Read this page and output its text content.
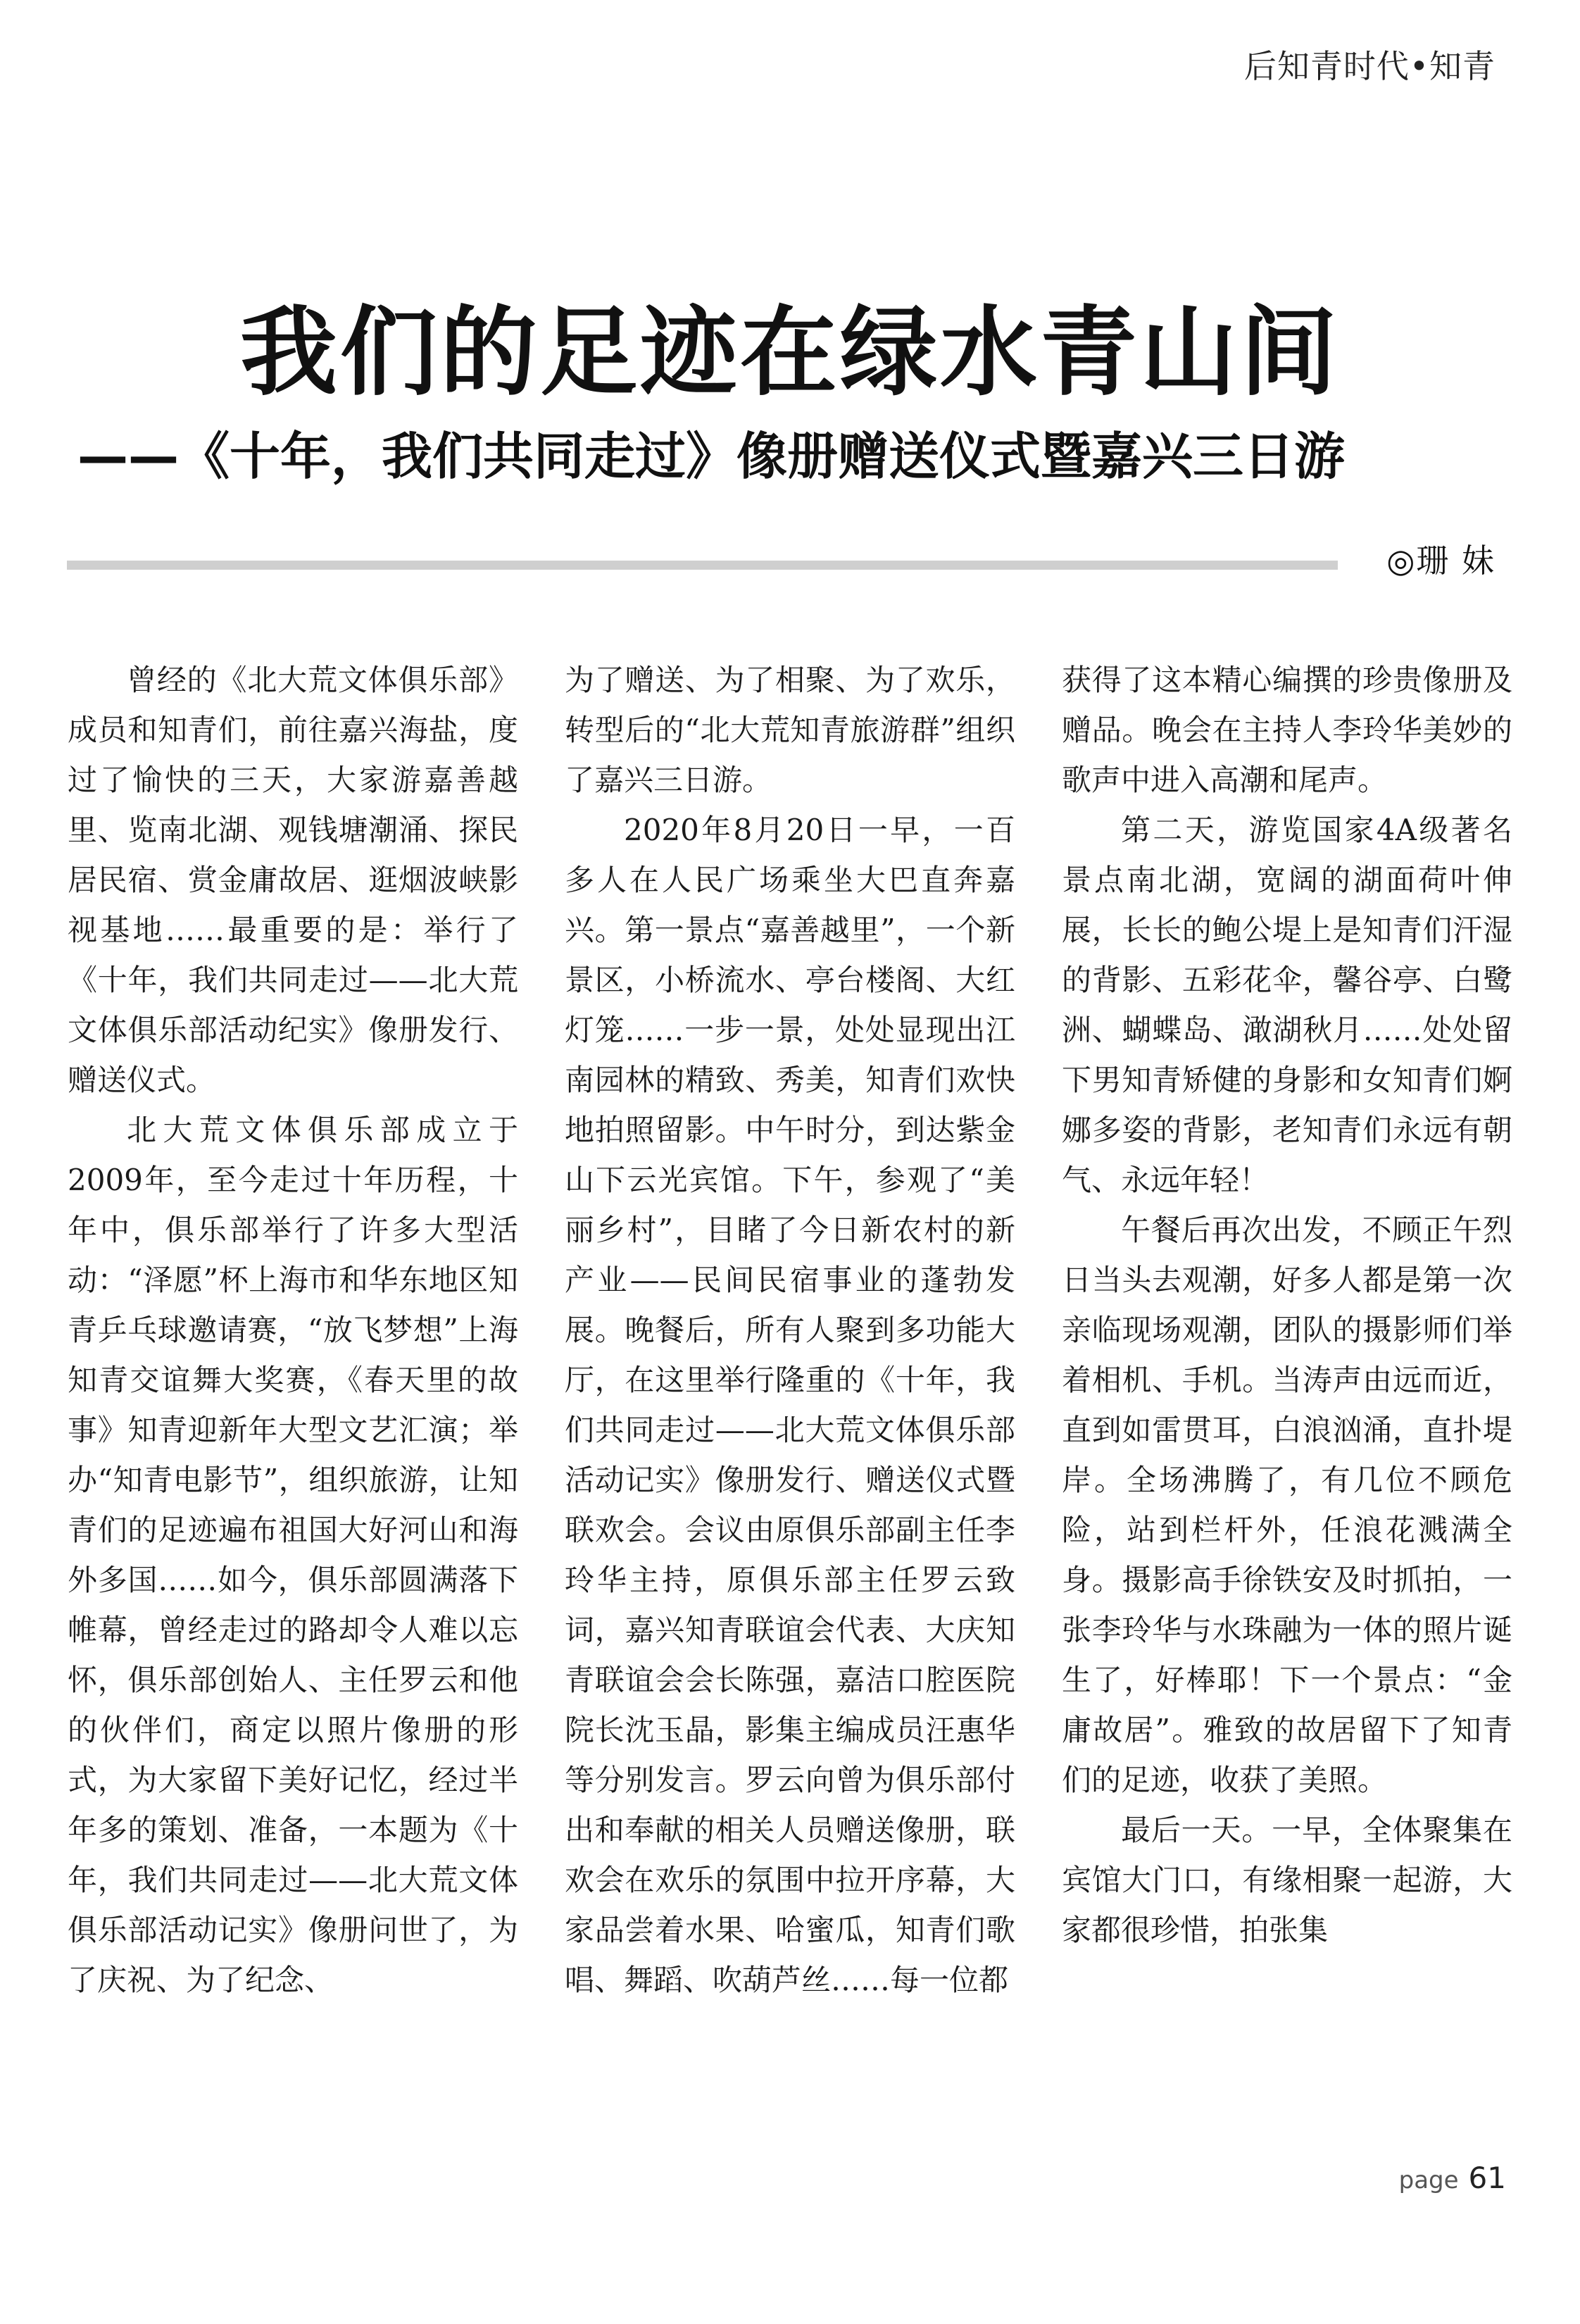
后知青时代•知青
我们的足迹在绿水青山间
——《十年，我们共同走过》像册赠送仪式暨嘉兴三日游
◎珊 妹

曾经的《北大荒文体俱乐部》成员和知青们，前往嘉兴海盐，度过了愉快的三天，大家游嘉善越里、览南北湖、观钱塘潮涌、探民居民宿、赏金庸故居、逛烟波峡影视基地……最重要的是：举行了《十年，我们共同走过——北大荒文体俱乐部活动纪实》像册发行、赠送仪式。

北大荒文体俱乐部成立于2009年，至今走过十年历程，十年中，俱乐部举行了许多大型活动：“泽愿”杯上海市和华东地区知青乒乓球邀请赛，“放飞梦想”上海知青交谊舞大奖赛，《春天里的故事》知青迎新年大型文艺汇演；举办“知青电影节”，组织旅游，让知青们的足迹遍布祖国大好河山和海外多国……如今，俱乐部圆满落下帷幕，曾经走过的路却令人难以忘怀，俱乐部创始人、主任罗云和他的伙伴们，商定以照片像册的形式，为大家留下美好记忆，经过半年多的策划、准备，一本题为《十年，我们共同走过——北大荒文体俱乐部活动记实》像册问世了，为了庆祝、为了纪念、

为了赠送、为了相聚、为了欢乐，转型后的“北大荒知青旅游群”组织了嘉兴三日游。

2020年8月20日一早，一百多人在人民广场乘坐大巴直奔嘉兴。第一景点“嘉善越里”，一个新景区，小桥流水、亭台楼阁、大红灯笼……一步一景，处处显现出江南园林的精致、秀美，知青们欢快地拍照留影。中午时分，到达紫金山下云光宾馆。下午，参观了“美丽乡村”，目睹了今日新农村的新产业——民间民宿事业的蓬勃发展。晚餐后，所有人聚到多功能大厅，在这里举行隆重的《十年，我们共同走过——北大荒文体俱乐部活动记实》像册发行、赠送仪式暨联欢会。会议由原俱乐部副主任李玲华主持，原俱乐部主任罗云致词，嘉兴知青联谊会代表、大庆知青联谊会会长陈强，嘉洁口腔医院院长沈玉晶，影集主编成员汪惠华等分别发言。罗云向曾为俱乐部付出和奉献的相关人员赠送像册，联欢会在欢乐的氛围中拉开序幕，大家品尝着水果、哈蜜瓜，知青们歌唱、舞蹈、吹葫芦丝……每一位都

获得了这本精心编撰的珍贵像册及赠品。晚会在主持人李玲华美妙的歌声中进入高潮和尾声。

第二天，游览国家4A级著名景点南北湖，宽阔的湖面荷叶伸展，长长的鲍公堤上是知青们汗湿的背影、五彩花伞，馨谷亭、白鹭洲、蝴蝶岛、澉湖秋月……处处留下男知青矫健的身影和女知青们婀娜多姿的背影，老知青们永远有朝气、永远年轻！

午餐后再次出发，不顾正午烈日当头去观潮，好多人都是第一次亲临现场观潮，团队的摄影师们举着相机、手机。当涛声由远而近，直到如雷贯耳，白浪汹涌，直扑堤岸。全场沸腾了，有几位不顾危险，站到栏杆外，任浪花溅满全身。摄影高手徐铁安及时抓拍，一张李玲华与水珠融为一体的照片诞生了，好棒耶！下一个景点：“金庸故居”。雅致的故居留下了知青们的足迹，收获了美照。

最后一天。一早，全体聚集在宾馆大门口，有缘相聚一起游，大家都很珍惜，拍张集

page 61
